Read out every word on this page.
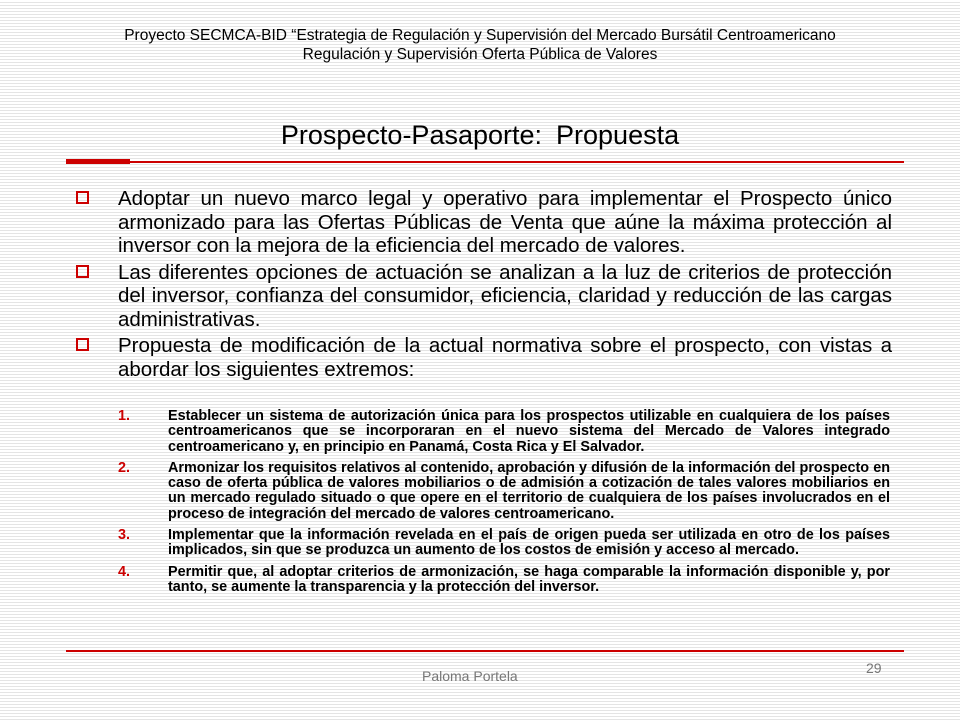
Proyecto SECMCA-BID “Estrategia de Regulación y Supervisión del Mercado Bursátil Centroamericano
Regulación y Supervisión Oferta Pública de Valores
Prospecto-Pasaporte: Propuesta
Adoptar un nuevo marco legal y operativo para implementar el Prospecto único armonizado para las Ofertas Públicas de Venta que aúne la máxima protección al inversor con la mejora de la eficiencia del mercado de valores.
Las diferentes opciones de actuación se analizan a la luz de criterios de protección del inversor, confianza del consumidor, eficiencia, claridad y reducción de las cargas administrativas.
Propuesta de modificación de la actual normativa sobre el prospecto, con vistas a abordar los siguientes extremos:
1.	Establecer un sistema de autorización única para los prospectos utilizable en cualquiera de los países centroamericanos que se incorporaran en el nuevo sistema del Mercado de Valores integrado centroamericano y, en principio en Panamá, Costa Rica y El Salvador.
2.	Armonizar los requisitos relativos al contenido, aprobación y difusión de la información del prospecto en caso de oferta pública de valores mobiliarios o de admisión a cotización de tales valores mobiliarios en un mercado regulado situado o que opere en el territorio de cualquiera de los países involucrados en el proceso de integración del mercado de valores centroamericano.
3.	Implementar que la información revelada en el país de origen pueda ser utilizada en otro de los países implicados, sin que se produzca un aumento de los costos de emisión y acceso al mercado.
4.	Permitir que, al adoptar criterios de armonización, se haga comparable la información disponible y, por tanto, se aumente la transparencia y la protección del inversor.
Paloma Portela	29
